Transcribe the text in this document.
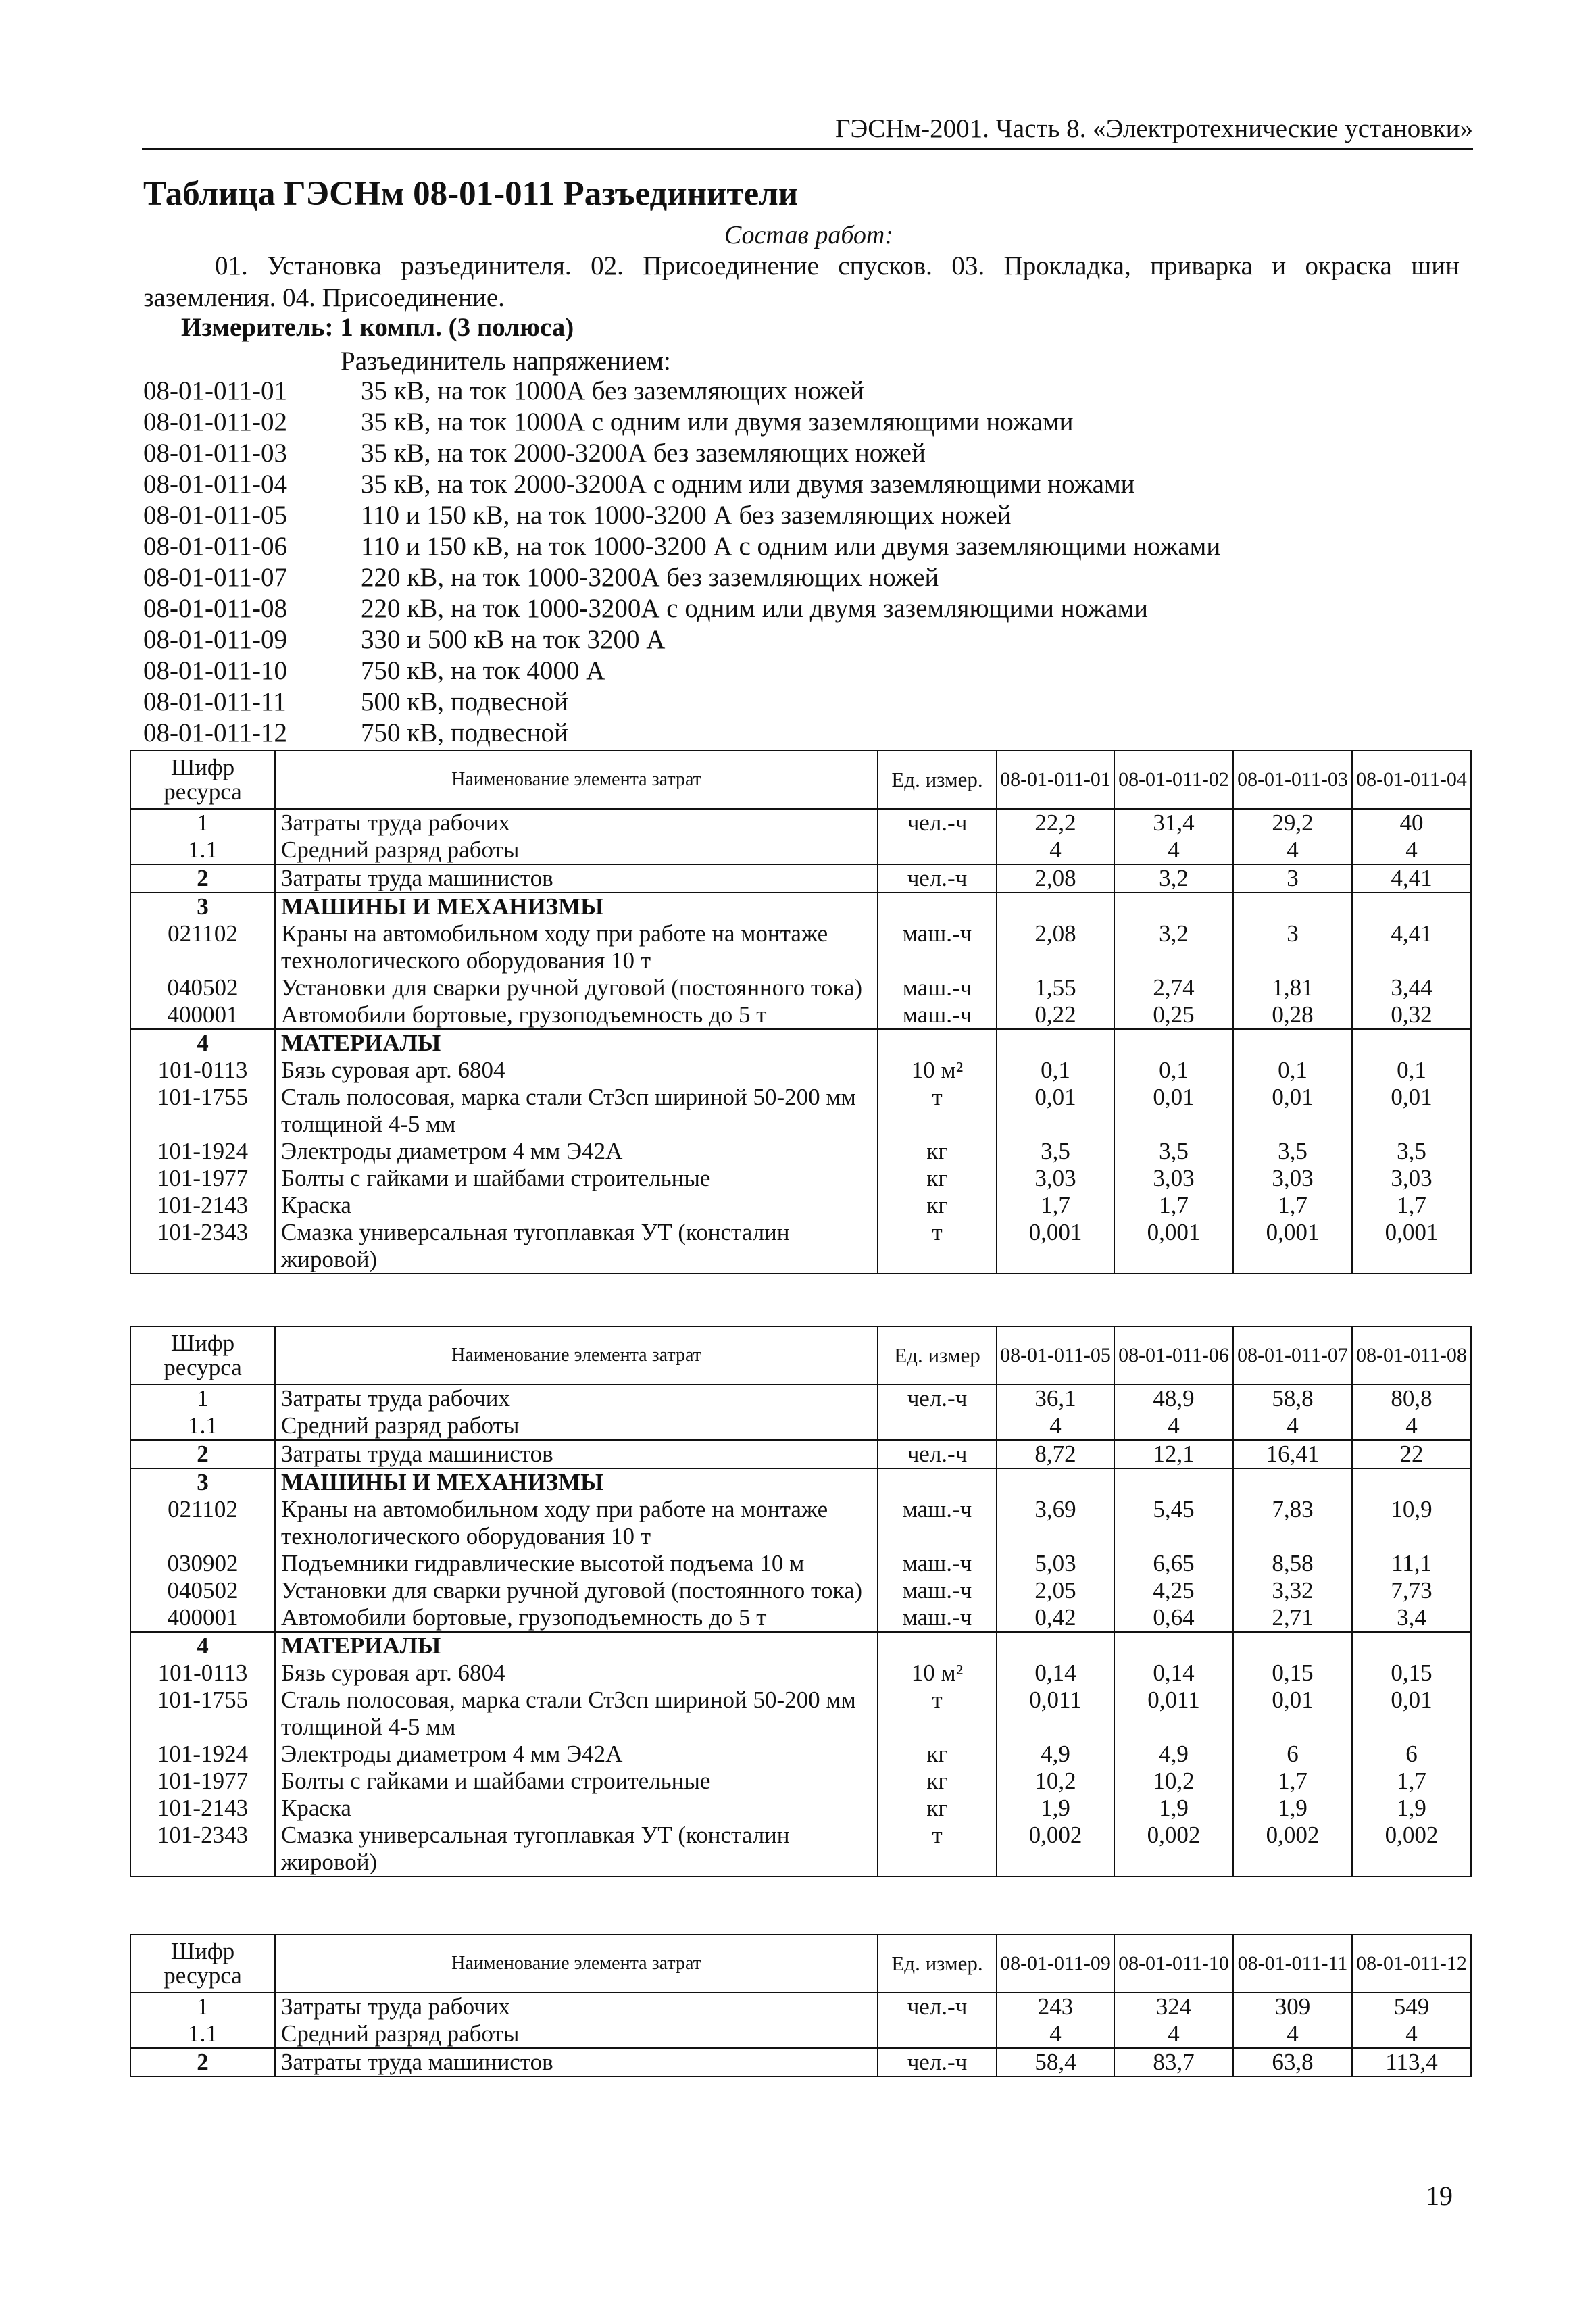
ГЭСНм-2001. Часть 8. «Электротехнические установки»
Таблица ГЭСНм 08-01-011 Разъединители
Состав работ:
01. Установка разъединителя. 02. Присоединение спусков. 03. Прокладка, приварка и окраска шин заземления. 04. Присоединение.
Измеритель: 1 компл. (3 полюса)
Разъединитель напряжением:
08-01-011-01	35 кВ, на ток 1000А без заземляющих ножей
08-01-011-02	35 кВ, на ток 1000А с одним или двумя заземляющими ножами
08-01-011-03	35 кВ, на ток 2000-3200А без заземляющих ножей
08-01-011-04	35 кВ, на ток 2000-3200А с одним или двумя заземляющими ножами
08-01-011-05	110 и 150 кВ, на ток 1000-3200 А без заземляющих ножей
08-01-011-06	110 и 150 кВ, на ток 1000-3200 А с одним или двумя заземляющими ножами
08-01-011-07	220 кВ, на ток 1000-3200А без заземляющих ножей
08-01-011-08	220 кВ, на ток 1000-3200А с одним или двумя заземляющими ножами
08-01-011-09	330 и 500 кВ на ток 3200 А
08-01-011-10	750 кВ, на ток 4000 А
08-01-011-11	500 кВ, подвесной
08-01-011-12	750 кВ, подвесной
Шифр ресурса	Наименование элемента затрат	Ед. измер.	08-01-011-01	08-01-011-02	08-01-011-03	08-01-011-04
1	Затраты труда рабочих	чел.-ч	22,2	31,4	29,2	40
1.1	Средний разряд работы		4	4	4	4
2	Затраты труда машинистов	чел.-ч	2,08	3,2	3	4,41
3	МАШИНЫ И МЕХАНИЗМЫ					
021102	Краны на автомобильном ходу при работе на монтаже технологического оборудования 10 т	маш.-ч	2,08	3,2	3	4,41
040502	Установки для сварки ручной дуговой (постоянного тока)	маш.-ч	1,55	2,74	1,81	3,44
400001	Автомобили бортовые, грузоподъемность до 5 т	маш.-ч	0,22	0,25	0,28	0,32
4	МАТЕРИАЛЫ					
101-0113	Бязь суровая арт. 6804	10 м²	0,1	0,1	0,1	0,1
101-1755	Сталь полосовая, марка стали Ст3сп шириной 50-200 мм толщиной 4-5 мм	т	0,01	0,01	0,01	0,01
101-1924	Электроды диаметром 4 мм Э42А	кг	3,5	3,5	3,5	3,5
101-1977	Болты с гайками и шайбами строительные	кг	3,03	3,03	3,03	3,03
101-2143	Краска	кг	1,7	1,7	1,7	1,7
101-2343	Смазка универсальная тугоплавкая УТ (консталин жировой)	т	0,001	0,001	0,001	0,001
Шифр ресурса	Наименование элемента затрат	Ед. измер	08-01-011-05	08-01-011-06	08-01-011-07	08-01-011-08
1	Затраты труда рабочих	чел.-ч	36,1	48,9	58,8	80,8
1.1	Средний разряд работы		4	4	4	4
2	Затраты труда машинистов	чел.-ч	8,72	12,1	16,41	22
3	МАШИНЫ И МЕХАНИЗМЫ					
021102	Краны на автомобильном ходу при работе на монтаже технологического оборудования 10 т	маш.-ч	3,69	5,45	7,83	10,9
030902	Подъемники гидравлические высотой подъема 10 м	маш.-ч	5,03	6,65	8,58	11,1
040502	Установки для сварки ручной дуговой (постоянного тока)	маш.-ч	2,05	4,25	3,32	7,73
400001	Автомобили бортовые, грузоподъемность до 5 т	маш.-ч	0,42	0,64	2,71	3,4
4	МАТЕРИАЛЫ					
101-0113	Бязь суровая арт. 6804	10 м²	0,14	0,14	0,15	0,15
101-1755	Сталь полосовая, марка стали Ст3сп шириной 50-200 мм толщиной 4-5 мм	т	0,011	0,011	0,01	0,01
101-1924	Электроды диаметром 4 мм Э42А	кг	4,9	4,9	6	6
101-1977	Болты с гайками и шайбами строительные	кг	10,2	10,2	1,7	1,7
101-2143	Краска	кг	1,9	1,9	1,9	1,9
101-2343	Смазка универсальная тугоплавкая УТ (консталин жировой)	т	0,002	0,002	0,002	0,002
Шифр ресурса	Наименование элемента затрат	Ед. измер.	08-01-011-09	08-01-011-10	08-01-011-11	08-01-011-12
1	Затраты труда рабочих	чел.-ч	243	324	309	549
1.1	Средний разряд работы		4	4	4	4
2	Затраты труда машинистов	чел.-ч	58,4	83,7	63,8	113,4
19
